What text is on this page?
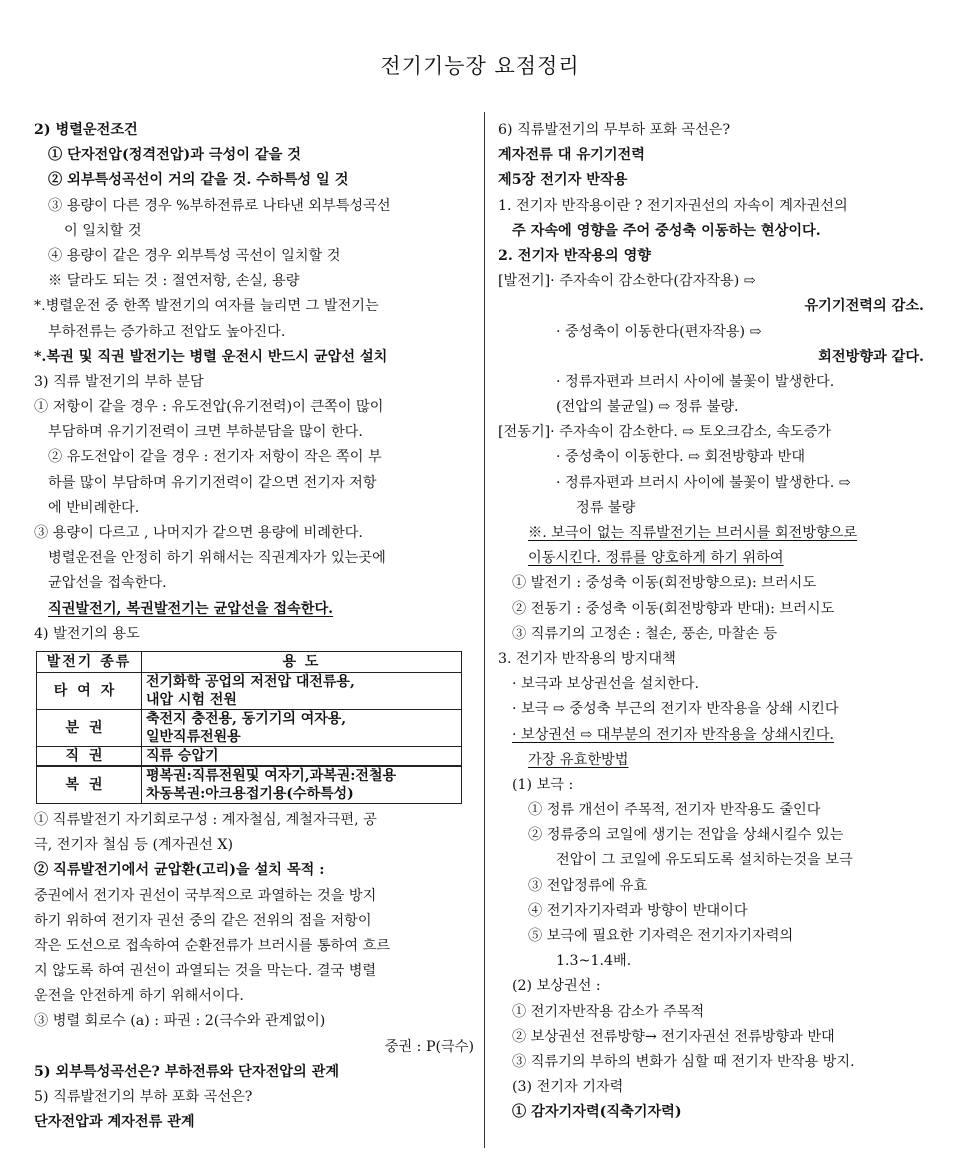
전기기능장 요점정리
2) 병렬운전조건
① 단자전압(정격전압)과 극성이 같을 것
② 외부특성곡선이 거의 같을 것. 수하특성 일 것
③ 용량이 다른 경우 %부하전류로 나타낸 외부특성곡선
이 일치할 것
④ 용량이 같은 경우 외부특성 곡선이 일치할 것
※ 달라도 되는 것 : 절연저항, 손실, 용량
*.병렬운전 중 한쪽 발전기의 여자를 늘리면 그 발전기는
부하전류는 증가하고 전압도 높아진다.
*.복권 및 직권 발전기는 병렬 운전시 반드시 균압선 설치
3) 직류 발전기의 부하 분담
① 저항이 같을 경우 : 유도전압(유기전력)이 큰쪽이 많이
부담하며 유기기전력이 크면 부하분담을 많이 한다.
② 유도전압이 같을 경우 : 전기자 저항이 작은 쪽이 부
하를 많이 부담하며 유기기전력이 같으면 전기자 저항
에 반비례한다.
③ 용량이 다르고 , 나머지가 같으면 용량에 비례한다.
병렬운전을 안정히 하기 위해서는 직권계자가 있는곳에
균압선을 접속한다.
직권발전기, 복권발전기는 균압선을 접속한다.
4) 발전기의 용도
발전기 종류	용 도
타여자	전기화학 공업의 저전압 대전류용,
내압 시험 전원

분권	축전지 충전용, 동기기의 여자용,
일반직류전원용

직권	직류 승압기

복권	평복권:직류전원및 여자기,과복권:전철용
차동복권:아크용접기용(수하특성)
① 직류발전기 자기회로구성 : 계자철심, 계철자극편, 공
극, 전기자 철심 등 (계자권선 X)
② 직류발전기에서 균압환(고리)을 설치 목적 :
중권에서 전기자 권선이 국부적으로 과열하는 것을 방지
하기 위하여 전기자 권선 중의 같은 전위의 점을 저항이
작은 도선으로 접속하여 순환전류가 브러시를 통하여 흐르
지 않도록 하여 권선이 과열되는 것을 막는다. 결국 병렬
운전을 안전하게 하기 위해서이다.
③ 병렬 회로수 (a) : 파권 : 2(극수와 관계없이)
중권 : P(극수)
5) 외부특성곡선은? 부하전류와 단자전압의 관계
5) 직류발전기의 부하 포화 곡선은?
단자전압과 계자전류 관계
6) 직류발전기의 무부하 포화 곡선은?
계자전류 대 유기기전력
제5장 전기자 반작용
1. 전기자 반작용이란 ? 전기자권선의 자속이 계자권선의
주 자속에 영향을 주어 중성축 이동하는 현상이다.
2. 전기자 반작용의 영향
[발전기]· 주자속이 감소한다(감자작용) ⇨
유기기전력의 감소.
· 중성축이 이동한다(편자작용) ⇨
회전방향과 같다.
· 정류자편과 브러시 사이에 불꽃이 발생한다.
(전압의 불균일) ⇨ 정류 불량.
[전동기]· 주자속이 감소한다. ⇨ 토오크감소, 속도증가
· 중성축이 이동한다. ⇨ 회전방향과 반대
· 정류자편과 브러시 사이에 불꽃이 발생한다. ⇨
정류 불량
※. 보극이 없는 직류발전기는 브러시를 회전방향으로
이동시킨다. 정류를 양호하게 하기 위하여
① 발전기 : 중성축 이동(회전방향으로): 브러시도
② 전동기 : 중성축 이동(회전방향과 반대): 브러시도
③ 직류기의 고정손 : 철손, 풍손, 마찰손 등
3. 전기자 반작용의 방지대책
· 보극과 보상권선을 설치한다.
· 보극 ⇨ 중성축 부근의 전기자 반작용을 상쇄 시킨다
· 보상권선 ⇨ 대부분의 전기자 반작용을 상쇄시킨다.
가장 유효한방법
(1) 보극 :
① 정류 개선이 주목적, 전기자 반작용도 줄인다
② 정류중의 코일에 생기는 전압을 상쇄시킬수 있는
전압이 그 코일에 유도되도록 설치하는것을 보극
③ 전압정류에 유효
④ 전기자기자력과 방향이 반대이다
⑤ 보극에 필요한 기자력은 전기자기자력의
1.3~1.4배.
(2) 보상권선 :
① 전기자반작용 감소가 주목적
② 보상권선 전류방향→ 전기자권선 전류방향과 반대
③ 직류기의 부하의 변화가 심할 때 전기자 반작용 방지.
(3) 전기자 기자력
① 감자기자력(직축기자력)
